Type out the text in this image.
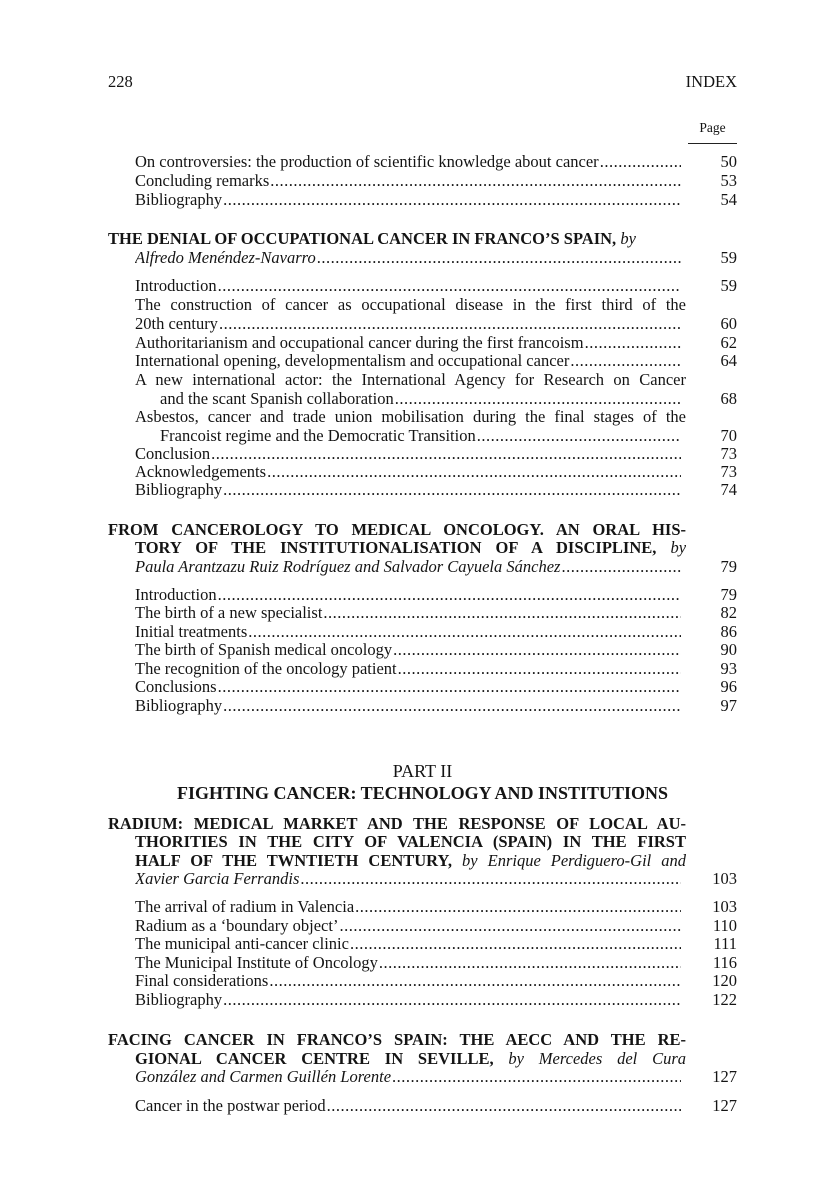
228	INDEX
Page
On controversies: the production of scientific knowledge about cancer .....	50
Concluding remarks .....	53
Bibliography .....	54
THE DENIAL OF OCCUPATIONAL CANCER IN FRANCO’S SPAIN, by
Alfredo Menéndez-Navarro .....	59
Introduction .....	59
The construction of cancer as occupational disease in the first third of the
20th century .....	60
Authoritarianism and occupational cancer during the first francoism .....	62
International opening, developmentalism and occupational cancer .....	64
A new international actor: the International Agency for Research on Cancer
and the scant Spanish collaboration .....	68
Asbestos, cancer and trade union mobilisation during the final stages of the
Francoist regime and the Democratic Transition .....	70
Conclusion .....	73
Acknowledgements .....	73
Bibliography .....	74
FROM CANCEROLOGY TO MEDICAL ONCOLOGY. AN ORAL HIS-
TORY OF THE INSTITUTIONALISATION OF A DISCIPLINE, by
Paula Arantzazu Ruiz Rodríguez and Salvador Cayuela Sánchez .....	79
Introduction .....	79
The birth of a new specialist .....	82
Initial treatments .....	86
The birth of Spanish medical oncology .....	90
The recognition of the oncology patient .....	93
Conclusions .....	96
Bibliography .....	97
PART II
FIGHTING CANCER: TECHNOLOGY AND INSTITUTIONS
RADIUM: MEDICAL MARKET AND THE RESPONSE OF LOCAL AU-
THORITIES IN THE CITY OF VALENCIA (SPAIN) IN THE FIRST
HALF OF THE TWNTIETH CENTURY, by Enrique Perdiguero-Gil and
Xavier Garcia Ferrandis .....	103
The arrival of radium in Valencia .....	103
Radium as a ‘boundary object’ .....	110
The municipal anti-cancer clinic .....	111
The Municipal Institute of Oncology .....	116
Final considerations .....	120
Bibliography .....	122
FACING CANCER IN FRANCO’S SPAIN: THE AECC AND THE RE-
GIONAL CANCER CENTRE IN SEVILLE, by Mercedes del Cura
González and Carmen Guillén Lorente .....	127
Cancer in the postwar period .....	127
